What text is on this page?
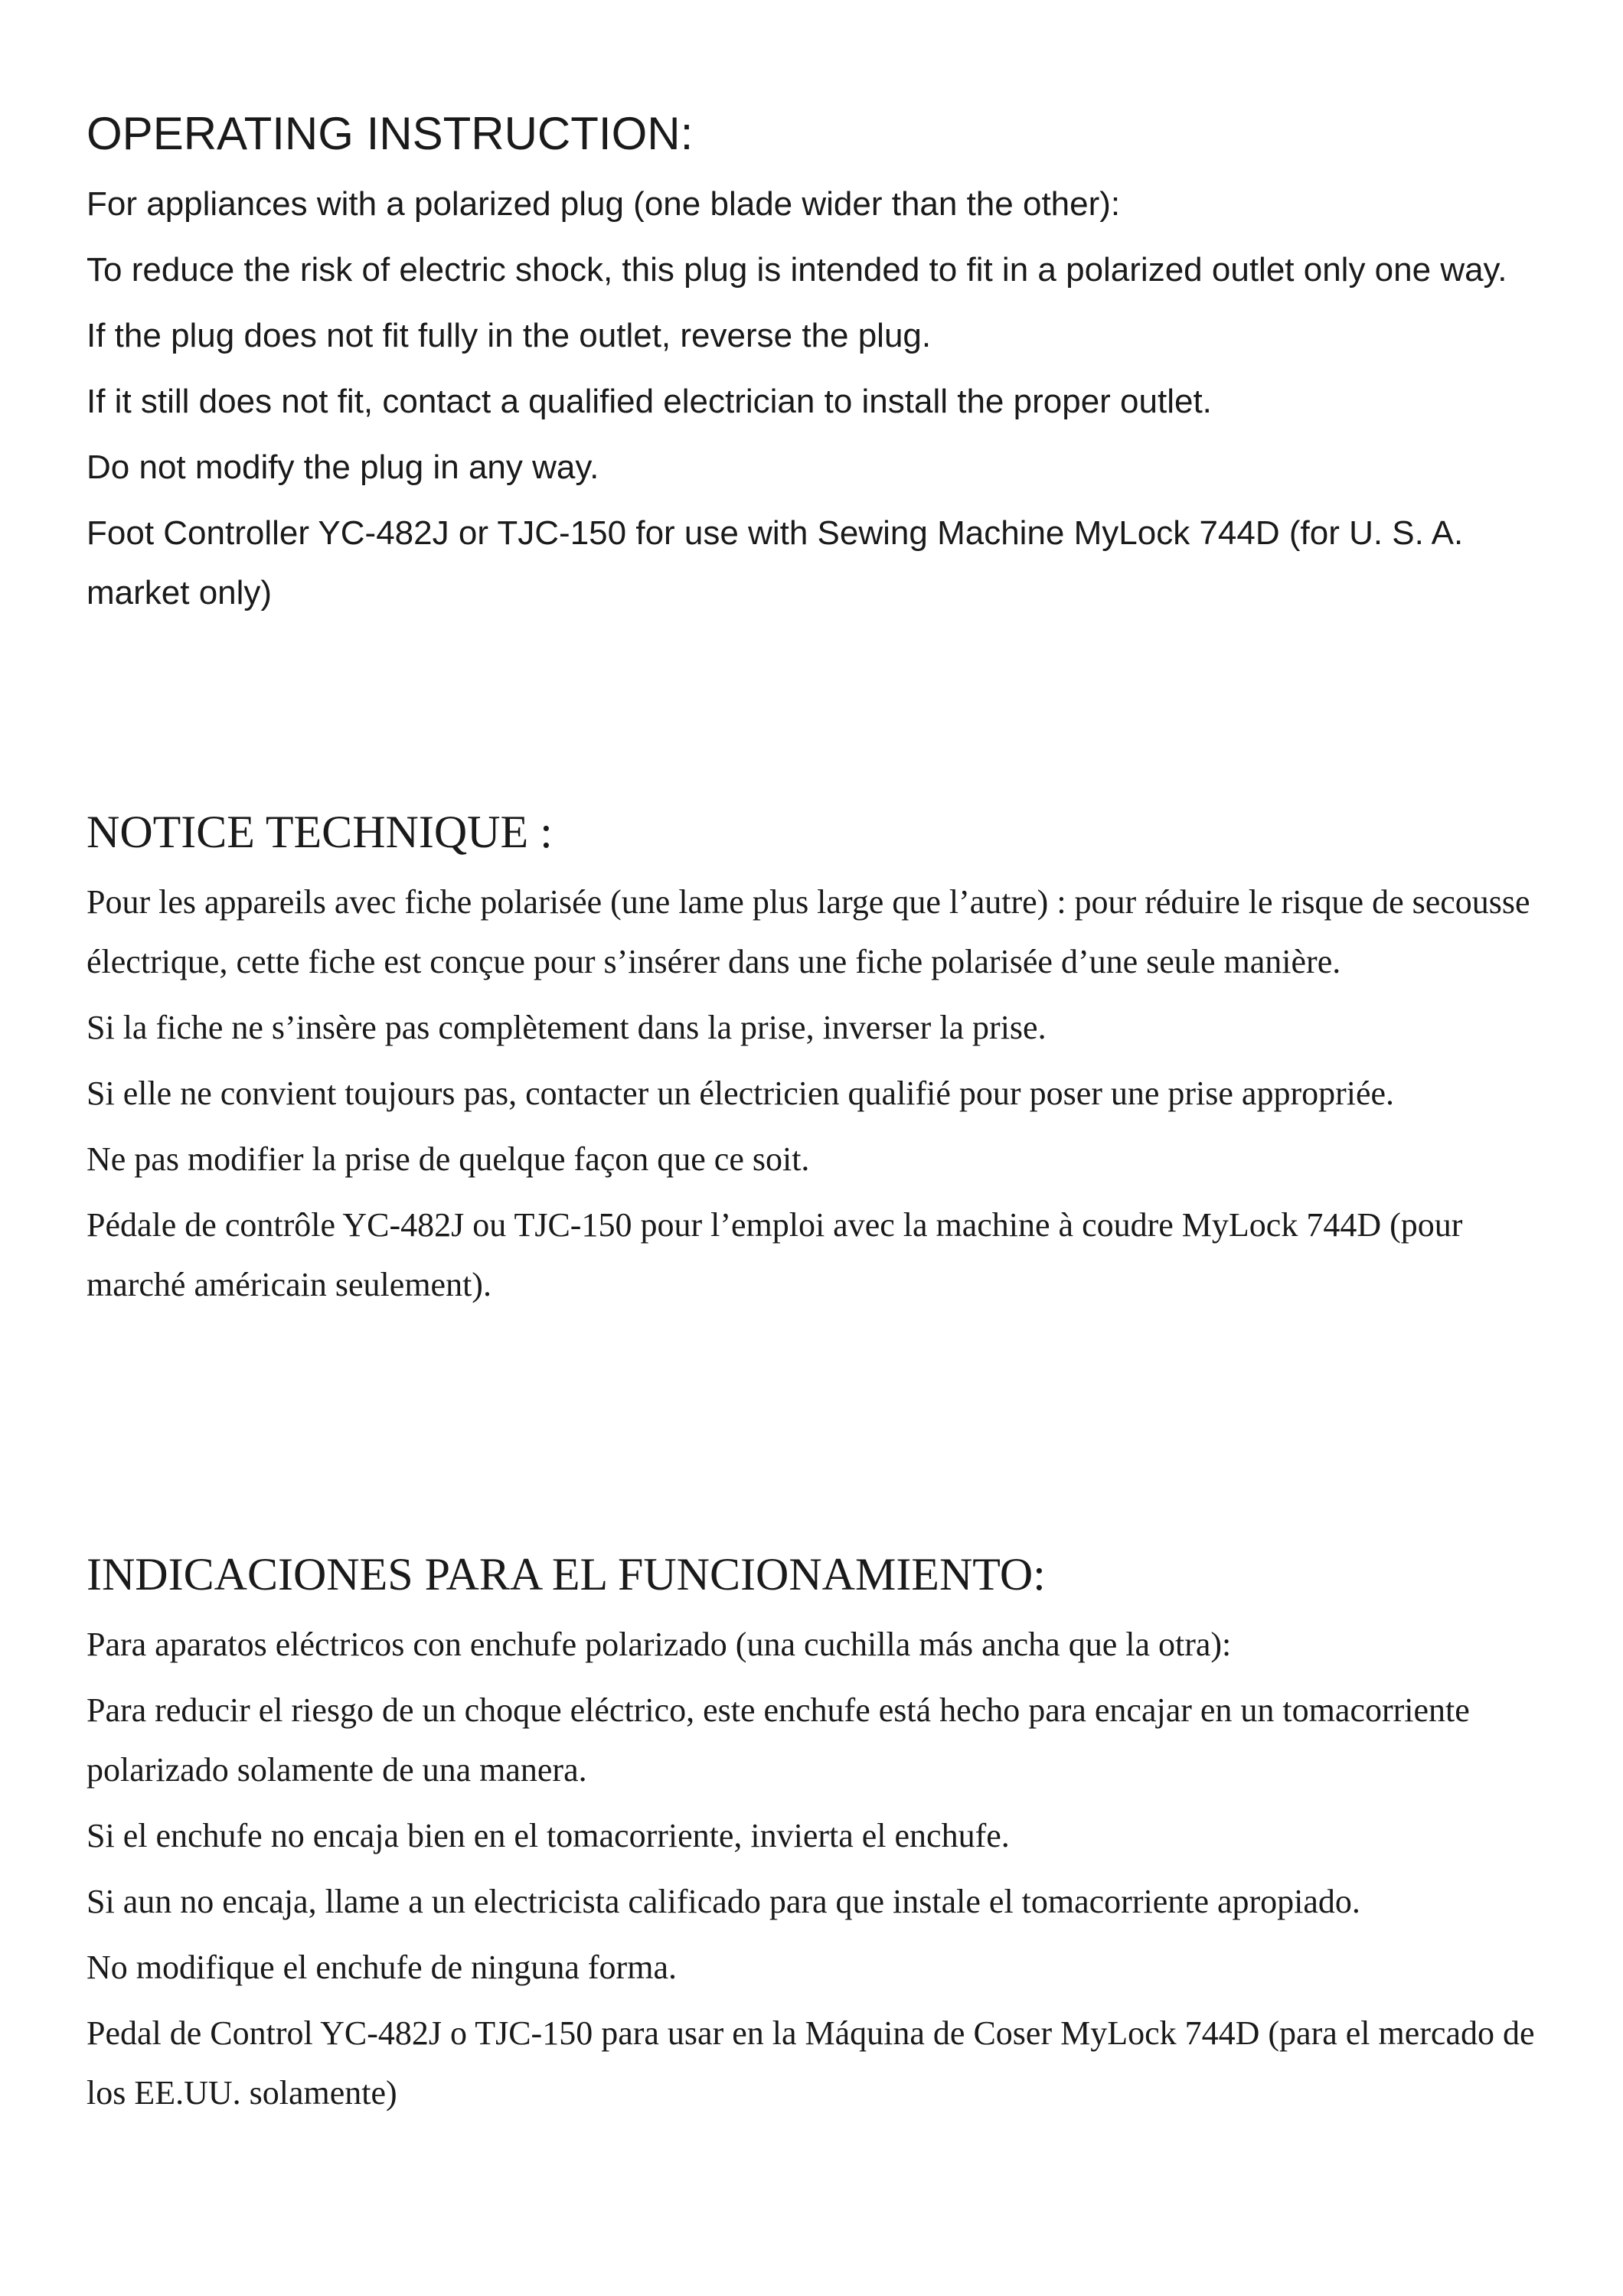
OPERATING INSTRUCTION:

For appliances with a polarized plug (one blade wider than the other):

To reduce the risk of electric shock, this plug is intended to fit in a polarized outlet only one way.

If the plug does not fit fully in the outlet, reverse the plug.

If it still does not fit, contact a qualified electrician to install the proper outlet.

Do not modify the plug in any way.

Foot Controller YC-482J or TJC-150 for use with Sewing Machine MyLock 744D (for U. S. A. market only)

NOTICE TECHNIQUE :

Pour les appareils avec fiche polarisée (une lame plus large que l’autre) : pour réduire le risque de secousse électrique, cette fiche est conçue pour s’insérer dans une fiche polarisée d’une seule manière.

Si la fiche ne s’insère pas complètement dans la prise, inverser la prise.

Si elle ne convient toujours pas, contacter un électricien qualifié pour poser une prise appropriée.

Ne pas modifier la prise de quelque façon que ce soit.

Pédale de contrôle YC-482J ou TJC-150 pour l’emploi avec la machine à coudre MyLock 744D (pour marché américain seulement).

INDICACIONES PARA EL FUNCIONAMIENTO:

Para aparatos eléctricos con enchufe polarizado (una cuchilla más ancha que la otra):

Para reducir el riesgo de un choque eléctrico, este enchufe está hecho para encajar en un tomacorriente polarizado solamente de una manera.

Si el enchufe no encaja bien en el tomacorriente, invierta el enchufe.

Si aun no encaja, llame a un electricista calificado para que instale el tomacorriente apropiado.

No modifique el enchufe de ninguna forma.

Pedal de Control YC-482J o TJC-150 para usar en la Máquina de Coser MyLock 744D (para el mercado de los EE.UU. solamente)
